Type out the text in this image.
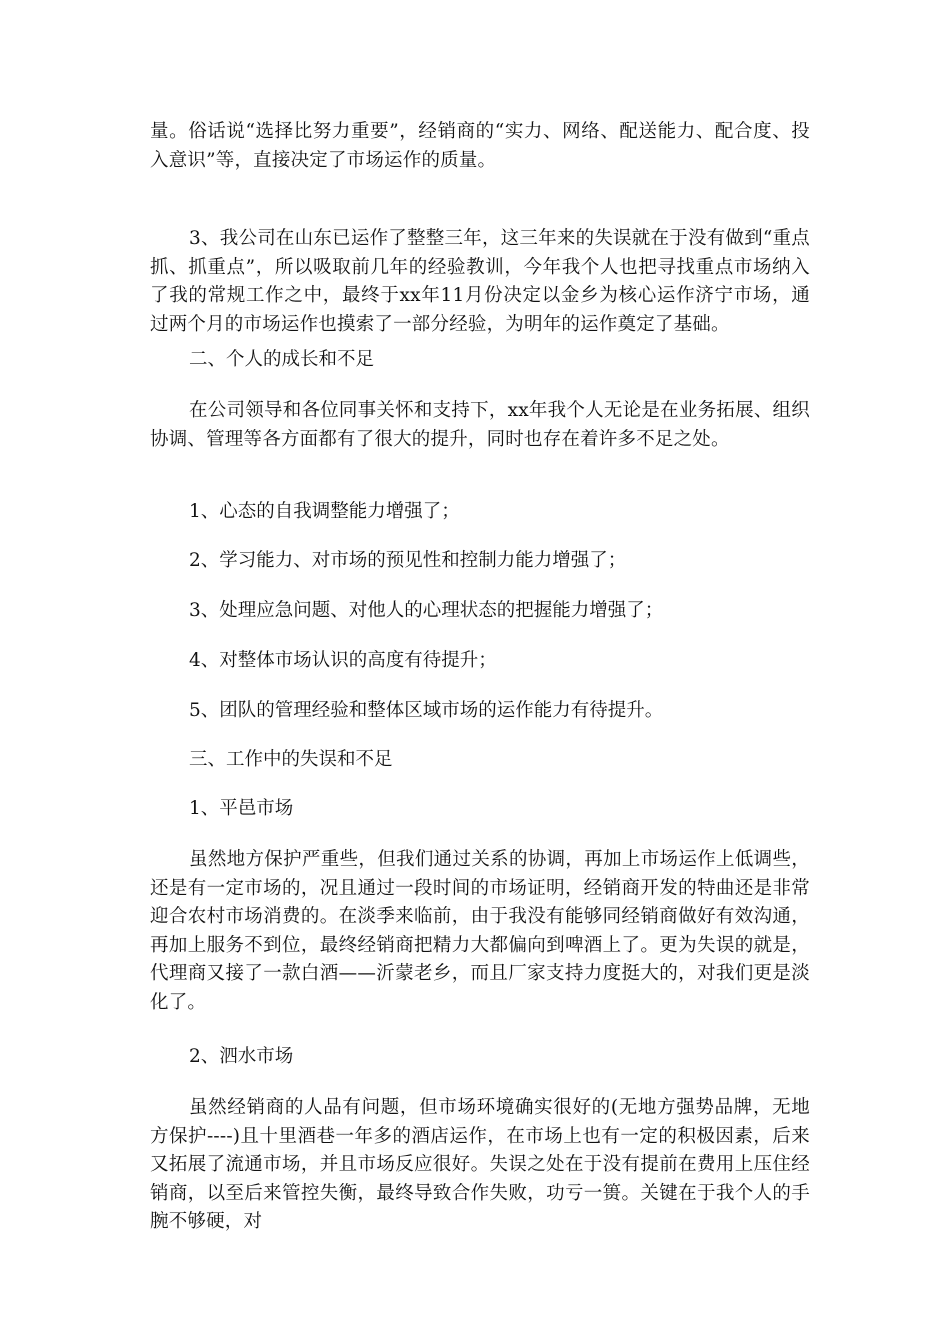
量。俗话说“选择比努力重要”，经销商的“实力、网络、配送能力、配合度、投入意识”等，直接决定了市场运作的质量。

3、我公司在山东已运作了整整三年，这三年来的失误就在于没有做到“重点抓、抓重点”，所以吸取前几年的经验教训，今年我个人也把寻找重点市场纳入了我的常规工作之中，最终于xx年11月份决定以金乡为核心运作济宁市场，通过两个月的市场运作也摸索了一部分经验，为明年的运作奠定了基础。

二、个人的成长和不足

在公司领导和各位同事关怀和支持下，xx年我个人无论是在业务拓展、组织协调、管理等各方面都有了很大的提升，同时也存在着许多不足之处。

1、心态的自我调整能力增强了；
2、学习能力、对市场的预见性和控制力能力增强了；
3、处理应急问题、对他人的心理状态的把握能力增强了；
4、对整体市场认识的高度有待提升；
5、团队的管理经验和整体区域市场的运作能力有待提升。
三、工作中的失误和不足
1、平邑市场

虽然地方保护严重些，但我们通过关系的协调，再加上市场运作上低调些，还是有一定市场的，况且通过一段时间的市场证明，经销商开发的特曲还是非常迎合农村市场消费的。在淡季来临前，由于我没有能够同经销商做好有效沟通，再加上服务不到位，最终经销商把精力大都偏向到啤酒上了。更为失误的就是，代理商又接了一款白酒——沂蒙老乡，而且厂家支持力度挺大的，对我们更是淡化了。

2、泗水市场

虽然经销商的人品有问题，但市场环境确实很好的(无地方强势品牌，无地方保护----)且十里酒巷一年多的酒店运作，在市场上也有一定的积极因素，后来又拓展了流通市场，并且市场反应很好。失误之处在于没有提前在费用上压住经销商，以至后来管控失衡，最终导致合作失败，功亏一篑。关键在于我个人的手腕不够硬，对
